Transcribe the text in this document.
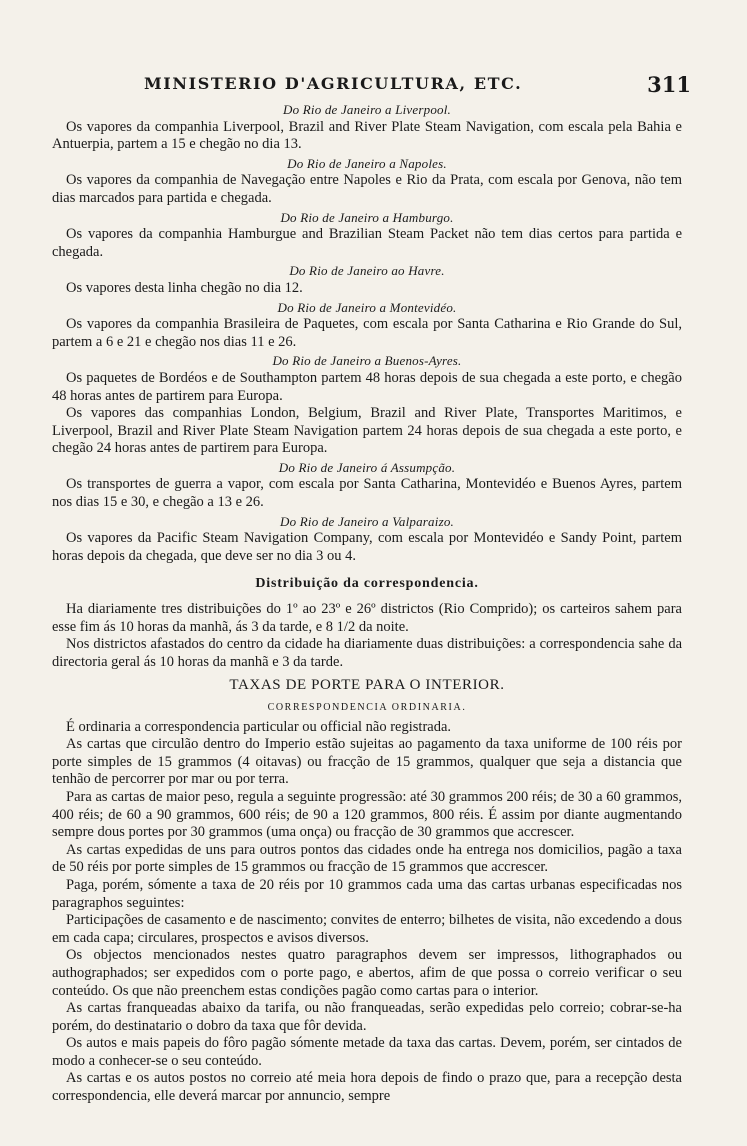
MINISTERIO D'AGRICULTURA, ETC.	311
Do Rio de Janeiro a Liverpool.

Os vapores da companhia Liverpool, Brazil and River Plate Steam Navigation, com escala pela Bahia e Antuerpia, partem a 15 e chegão no dia 13.

Do Rio de Janeiro a Napoles.

Os vapores da companhia de Navegação entre Napoles e Rio da Prata, com escala por Genova, não tem dias marcados para partida e chegada.

Do Rio de Janeiro a Hamburgo.

Os vapores da companhia Hamburgue and Brazilian Steam Packet não tem dias certos para partida e chegada.

Do Rio de Janeiro ao Havre.

Os vapores desta linha chegão no dia 12.

Do Rio de Janeiro a Montevidéo.

Os vapores da companhia Brasileira de Paquetes, com escala por Santa Catharina e Rio Grande do Sul, partem a 6 e 21 e chegão nos dias 11 e 26.

Do Rio de Janeiro a Buenos-Ayres.

Os paquetes de Bordéos e de Southampton partem 48 horas depois de sua chegada a este porto, e chegão 48 horas antes de partirem para Europa.

Os vapores das companhias London, Belgium, Brazil and River Plate, Transportes Maritimos, e Liverpool, Brazil and River Plate Steam Navigation partem 24 horas depois de sua chegada a este porto, e chegão 24 horas antes de partirem para Europa.

Do Rio de Janeiro á Assumpção.

Os transportes de guerra a vapor, com escala por Santa Catharina, Montevidéo e Buenos Ayres, partem nos dias 15 e 30, e chegão a 13 e 26.

Do Rio de Janeiro a Valparaizo.

Os vapores da Pacific Steam Navigation Company, com escala por Montevidéo e Sandy Point, partem horas depois da chegada, que deve ser no dia 3 ou 4.

Distribuição da correspondencia.

Ha diariamente tres distribuições do 1º ao 23º e 26º districtos (Rio Comprido); os carteiros sahem para esse fim ás 10 horas da manhã, ás 3 da tarde, e 8 1/2 da noite.

Nos districtos afastados do centro da cidade ha diariamente duas distribuições: a correspondencia sahe da directoria geral ás 10 horas da manhã e 3 da tarde.

TAXAS DE PORTE PARA O INTERIOR.
CORRESPONDENCIA ORDINARIA.

É ordinaria a correspondencia particular ou official não registrada.

As cartas que circulão dentro do Imperio estão sujeitas ao pagamento da taxa uniforme de 100 réis por porte simples de 15 grammos (4 oitavas) ou fracção de 15 grammos, qualquer que seja a distancia que tenhão de percorrer por mar ou por terra.

Para as cartas de maior peso, regula a seguinte progressão: até 30 grammos 200 réis; de 30 a 60 grammos, 400 réis; de 60 a 90 grammos, 600 réis; de 90 a 120 grammos, 800 réis. É assim por diante augmentando sempre dous portes por 30 grammos (uma onça) ou fracção de 30 grammos que accrescer.

As cartas expedidas de uns para outros pontos das cidades onde ha entrega nos domicilios, pagão a taxa de 50 réis por porte simples de 15 grammos ou fracção de 15 grammos que accrescer.

Paga, porém, sómente a taxa de 20 réis por 10 grammos cada uma das cartas urbanas especificadas nos paragraphos seguintes:

Participações de casamento e de nascimento; convites de enterro; bilhetes de visita, não excedendo a dous em cada capa; circulares, prospectos e avisos diversos.

Os objectos mencionados nestes quatro paragraphos devem ser impressos, lithographados ou authographados; ser expedidos com o porte pago, e abertos, afim de que possa o correio verificar o seu conteúdo. Os que não preenchem estas condições pagão como cartas para o interior.

As cartas franqueadas abaixo da tarifa, ou não franqueadas, serão expedidas pelo correio; cobrar-se-ha porém, do destinatario o dobro da taxa que fôr devida.

Os autos e mais papeis do fôro pagão sómente metade da taxa das cartas. Devem, porém, ser cintados de modo a conhecer-se o seu conteúdo.

As cartas e os autos postos no correio até meia hora depois de findo o prazo que, para a recepção desta correspondencia, elle deverá marcar por annuncio, sempre
